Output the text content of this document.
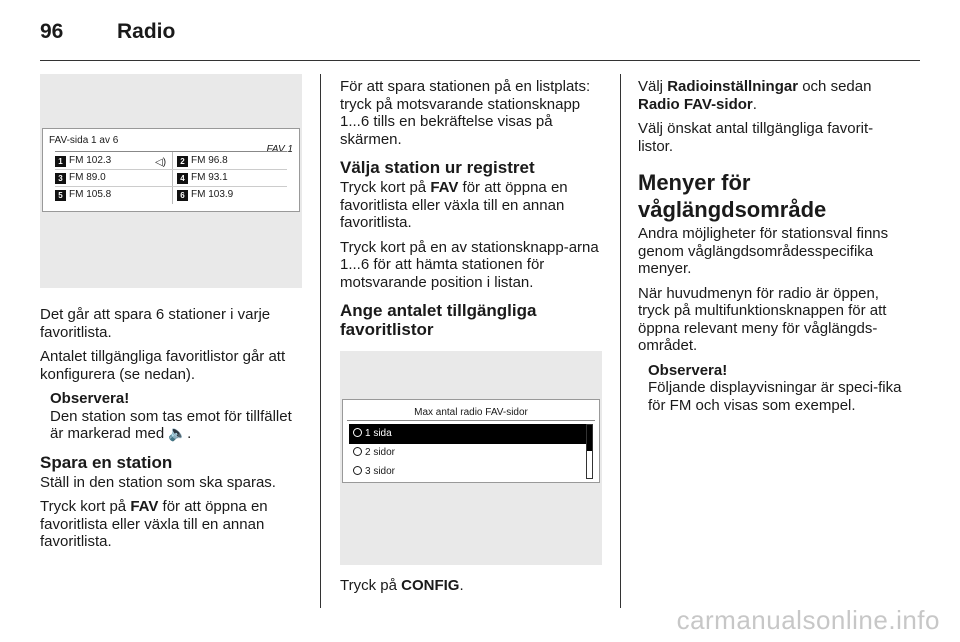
96	Radio
FAV-sida 1 av 6
FAV 1
1 FM 102.3	◁)	2 FM 96.8
3 FM 89.0	4 FM 93.1
5 FM 105.8	6 FM 103.9

Det går att spara 6 stationer i varje favoritlista.

Antalet tillgängliga favoritlistor går att konfigurera (se nedan).

Observera!
Den station som tas emot för tillfället är markerad med 🔈.
Spara en station

Ställ in den station som ska sparas.

Tryck kort på FAV för att öppna en favoritlista eller växla till en annan favoritlista.

För att spara stationen på en listplats: tryck på motsvarande stationsknapp 1...6 tills en bekräftelse visas på skärmen.

Välja station ur registret

Tryck kort på FAV för att öppna en favoritlista eller växla till en annan favoritlista.

Tryck kort på en av stationsknapp-arna 1...6 för att hämta stationen för motsvarande position i listan.

Ange antalet tillgängliga favoritlistor
Max antal radio FAV-sidor
1 sida
2 sidor
3 sidor

Tryck på CONFIG.

Välj Radioinställningar och sedan
Radio FAV-sidor.

Välj önskat antal tillgängliga favorit-listor.

Menyer för våglängdsområde

Andra möjligheter för stationsval finns genom våglängdsområdesspecifika menyer.

När huvudmenyn för radio är öppen, tryck på multifunktionsknappen för att öppna relevant meny för våglängds-området.

Observera!
Följande displayvisningar är speci-fika för FM och visas som exempel.
carmanualsonline.info
